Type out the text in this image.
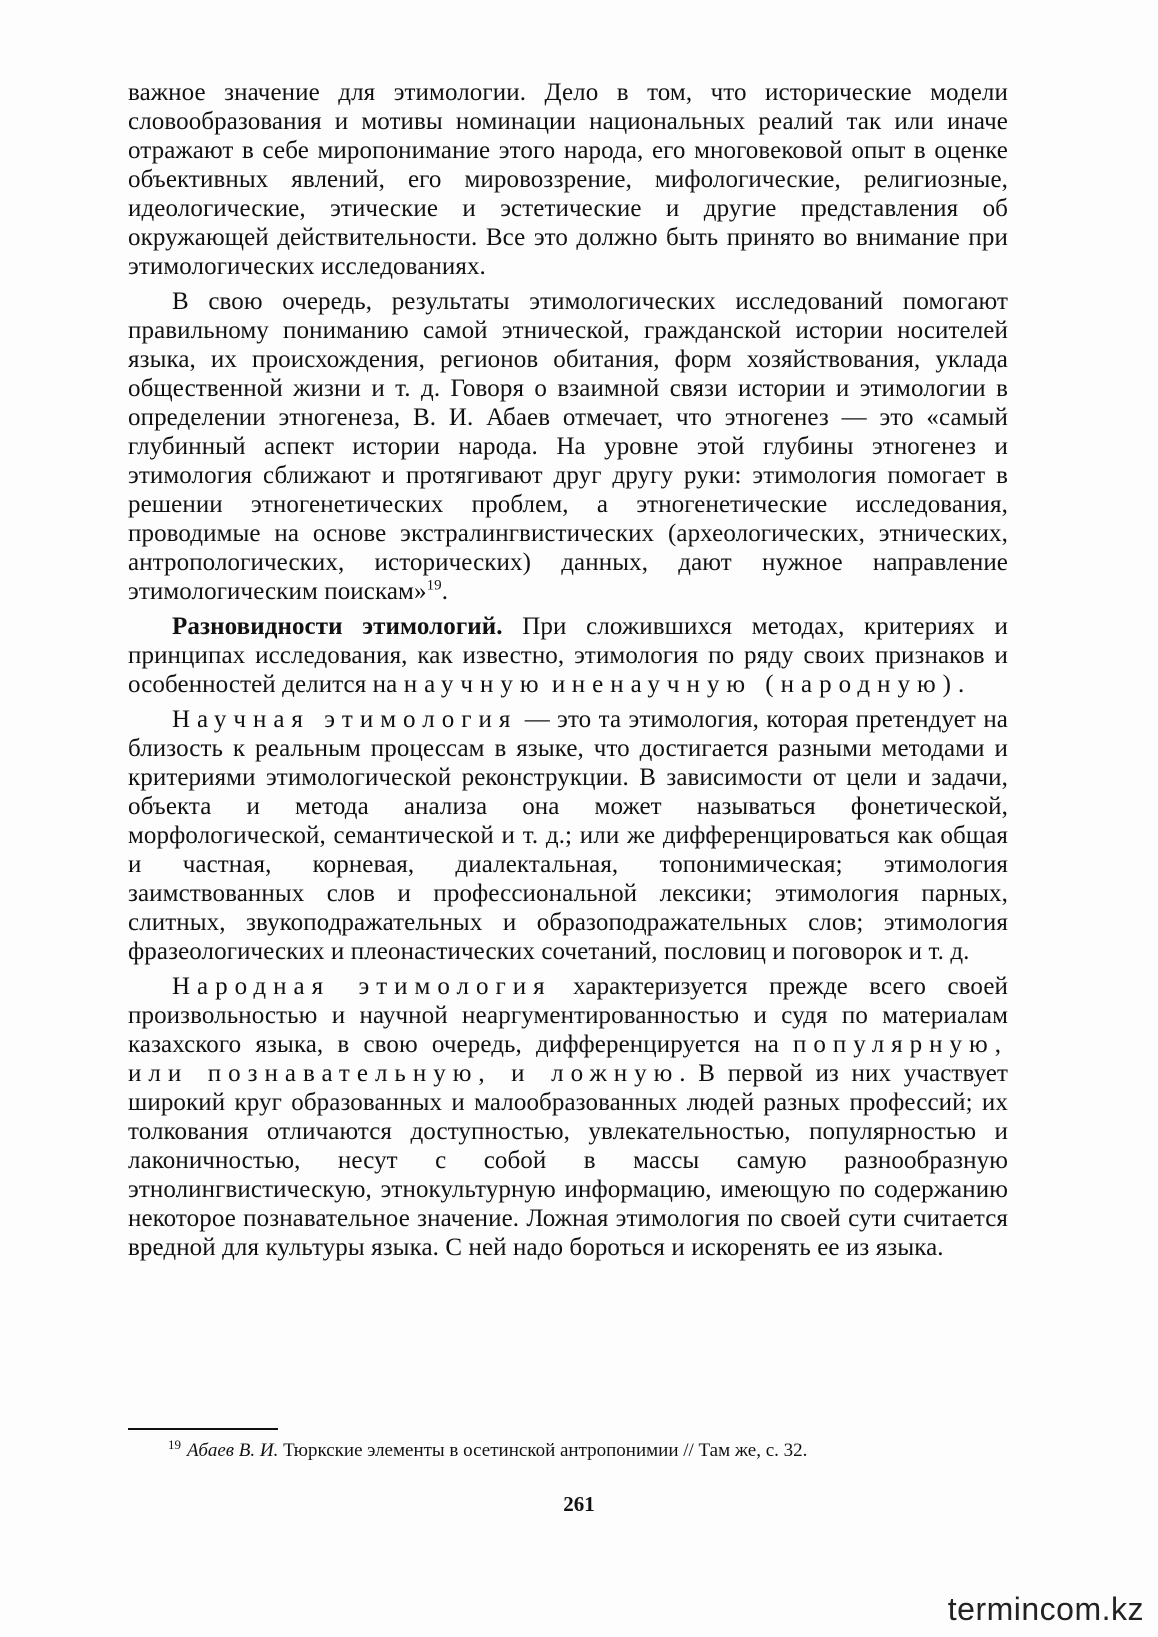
важное значение для этимологии. Дело в том, что исторические модели словообразования и мотивы номинации национальных реалий так или иначе отражают в себе миропонимание этого народа, его многовековой опыт в оценке объективных явлений, его мировоззрение, мифологические, религиозные, идеологические, этические и эстетические и другие представления об окружающей действительности. Все это должно быть принято во внимание при этимологических исследованиях.

В свою очередь, результаты этимологических исследований помогают правильному пониманию самой этнической, гражданской истории носителей языка, их происхождения, регионов обитания, форм хозяйствования, уклада общественной жизни и т. д. Говоря о взаимной связи истории и этимологии в определении этногенеза, В. И. Абаев отмечает, что этногенез — это «самый глубинный аспект истории народа. На уровне этой глубины этногенез и этимология сближают и протягивают друг другу руки: этимология помогает в решении этногенетических проблем, а этногенетические исследования, проводимые на основе экстралингвистических (археологических, этнических, антропологических, исторических) данных, дают нужное направление этимологическим поискам»$^{19}$.

Разновидности этимологий. При сложившихся методах, критериях и принципах исследования, как известно, этимология по ряду своих признаков и особенностей делится на научную и ненаучную (народную).

Научная этимология — это та этимология, которая претендует на близость к реальным процессам в языке, что достигается разными методами и критериями этимологической реконструкции. В зависимости от цели и задачи, объекта и метода анализа она может называться фонетической, морфологической, семантической и т. д.; или же дифференцироваться как общая и частная, корневая, диалектальная, топонимическая; этимология заимствованных слов и профессиональной лексики; этимология парных, слитных, звукоподражательных и образоподражательных слов; этимология фразеологических и плеонастических сочетаний, пословиц и поговорок и т. д.

Народная этимология характеризуется прежде всего своей произвольностью и научной неаргументированностью и судя по материалам казахского языка, в свою очередь, дифференцируется на популярную, или познавательную, и ложную. В первой из них участвует широкий круг образованных и малообразованных людей разных профессий; их толкования отличаются доступностью, увлекательностью, популярностью и лаконичностью, несут с собой в массы самую разнообразную этнолингвистическую, этнокультурную информацию, имеющую по содержанию некоторое познавательное значение. Ложная этимология по своей сути считается вредной для культуры языка. С ней надо бороться и искоренять ее из языка.

$^{19}$ Абаев В. И. Тюркские элементы в осетинской антропонимии // Там же, с. 32.
261
termincom.kz
